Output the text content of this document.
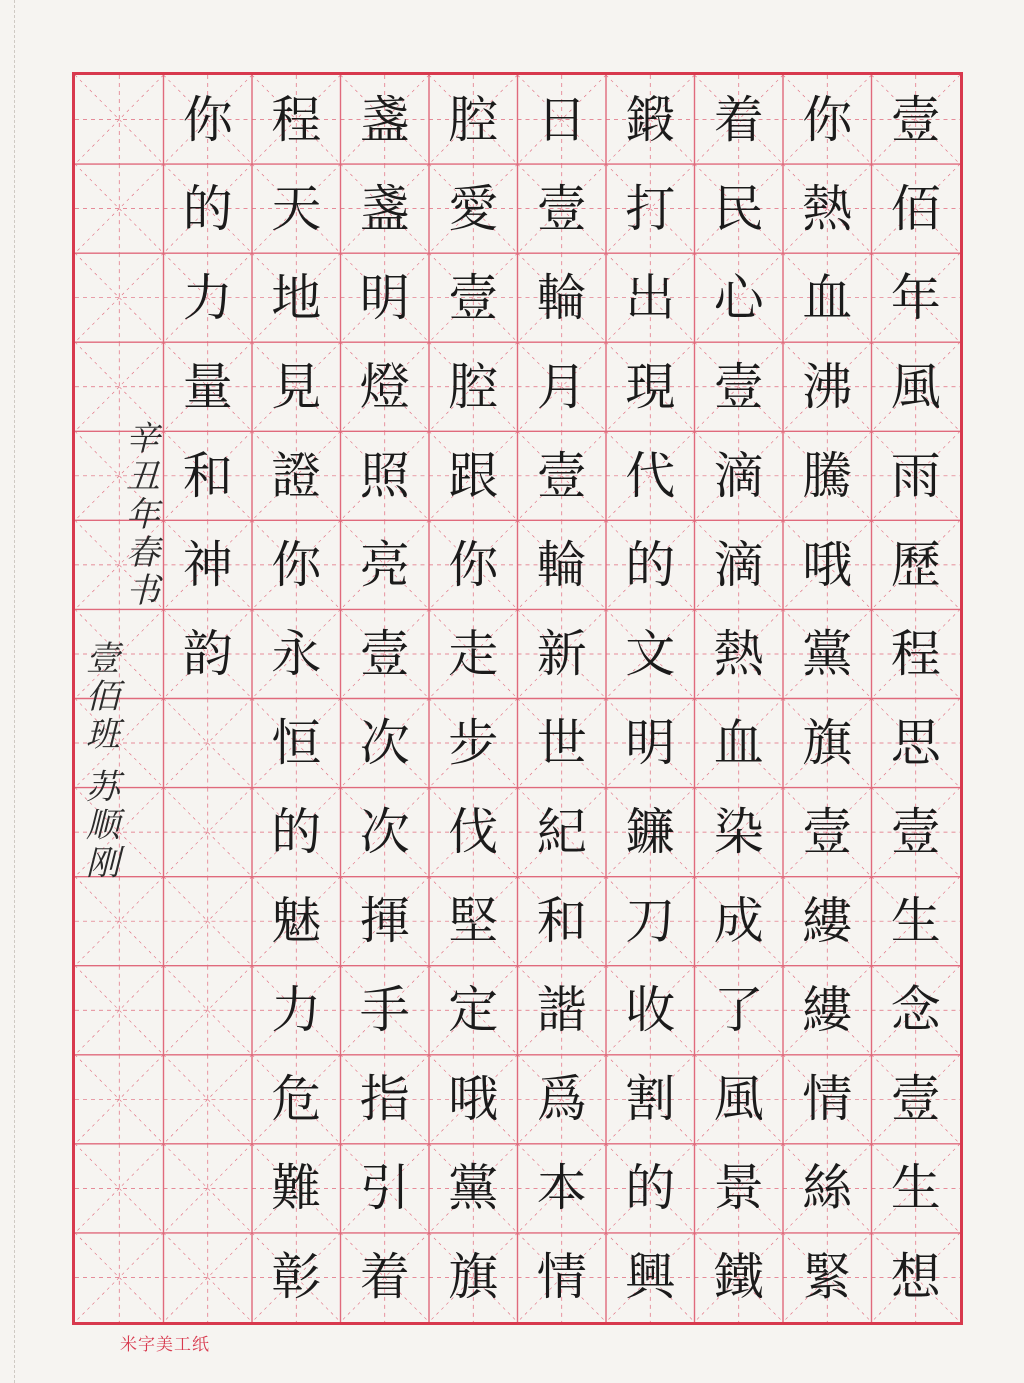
壹
佰
年
風
雨
歷
程
思
壹
生
念
壹
生
想
你
熱
血
沸
騰
哦
黨
旗
壹
縷
縷
情
絲
緊
着
民
心
壹
滴
滴
熱
血
染
成
了
風
景
鐵
鍛
打
出
現
代
的
文
明
鐮
刀
收
割
的
興
日
壹
輪
月
壹
輪
新
世
紀
和
諧
爲
本
情
腔
愛
壹
腔
跟
你
走
步
伐
堅
定
哦
黨
旗
盞
盞
明
燈
照
亮
壹
次
次
揮
手
指
引
着
程
天
地
見
證
你
永
恒
的
魅
力
危
難
彰
你
的
力
量
和
神
韵
辛丑年春书
壹佰班 苏顺刚
米字美工纸
